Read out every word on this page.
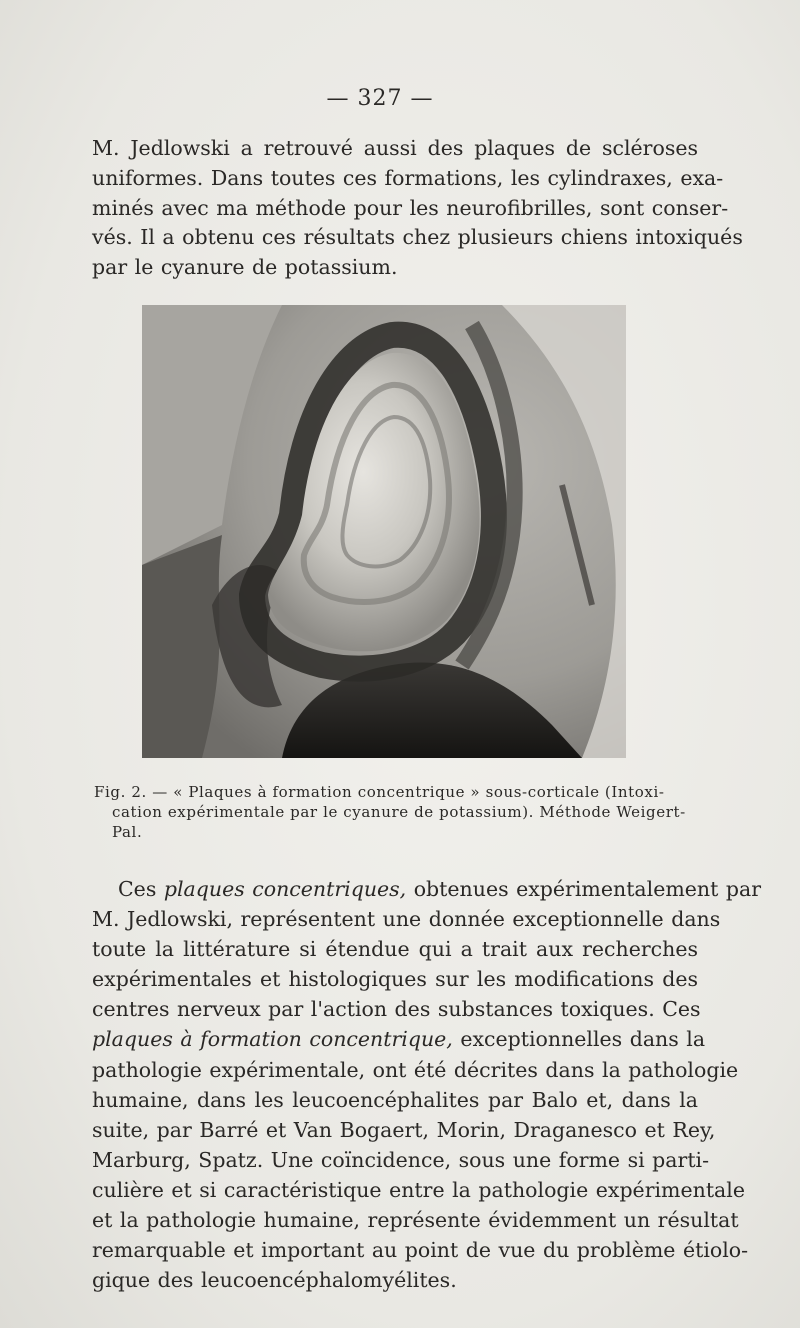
— 327 —
M. Jedlowski a retrouvé aussi des plaques de scléroses
uniformes. Dans toutes ces formations, les cylindraxes, exa-
minés avec ma méthode pour les neurofibrilles, sont conser-
vés. Il a obtenu ces résultats chez plusieurs chiens intoxiqués
par le cyanure de potassium.
Fig. 2. — « Plaques à formation concentrique » sous-corticale (Intoxi-
cation expérimentale par le cyanure de potassium). Méthode Weigert-
Pal.
Ces plaques concentriques, obtenues expérimentalement par
M. Jedlowski, représentent une donnée exceptionnelle dans
toute la littérature si étendue qui a trait aux recherches
expérimentales et histologiques sur les modifications des
centres nerveux par l'action des substances toxiques. Ces
plaques à formation concentrique, exceptionnelles dans la
pathologie expérimentale, ont été décrites dans la pathologie
humaine, dans les leucoencéphalites par Balo et, dans la
suite, par Barré et Van Bogaert, Morin, Draganesco et Rey,
Marburg, Spatz. Une coïncidence, sous une forme si parti-
culière et si caractéristique entre la pathologie expérimentale
et la pathologie humaine, représente évidemment un résultat
remarquable et important au point de vue du problème étiolo-
gique des leucoencéphalomyélites.
